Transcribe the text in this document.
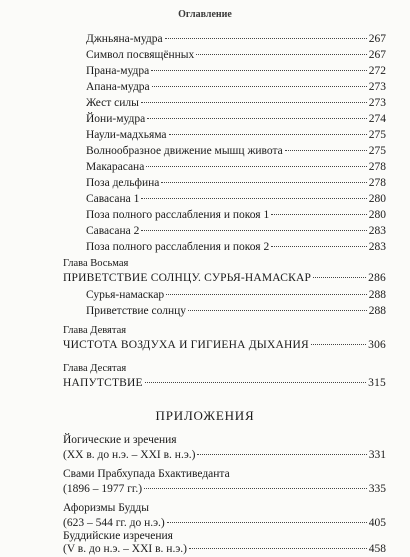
Оглавление
Джньяна-мудра	267
Символ посвящённых	267
Прана-мудра	272
Апана-мудра	273
Жест силы	273
Йони-мудра	274
Наули-мадхьяма	275
Волнообразное движение мышц живота	275
Макарасана	278
Поза дельфина	278
Савасана 1	280
Поза полного расслабления и покоя 1	280
Савасана 2	283
Поза полного расслабления и покоя 2	283
Глава Восьмая
ПРИВЕТСТВИЕ СОЛНЦУ. СУРЬЯ-НАМАСКАР	286
Сурья-намаскар	288
Приветствие солнцу	288
Глава Девятая
ЧИСТОТА ВОЗДУХА И ГИГИЕНА ДЫХАНИЯ	306
Глава Десятая
НАПУТСТВИЕ	315
ПРИЛОЖЕНИЯ
Йогические и зречения
(XX в. до н.э. – XXI в. н.э.)	331
Свами Прабхупада Бхактиведанта
(1896 – 1977 гг.)	335
Афоризмы Будды
(623 – 544 гг. до н.э.)	405
Буддийские изречения
(V в. до н.э. – XXI в. н.э.)	458
